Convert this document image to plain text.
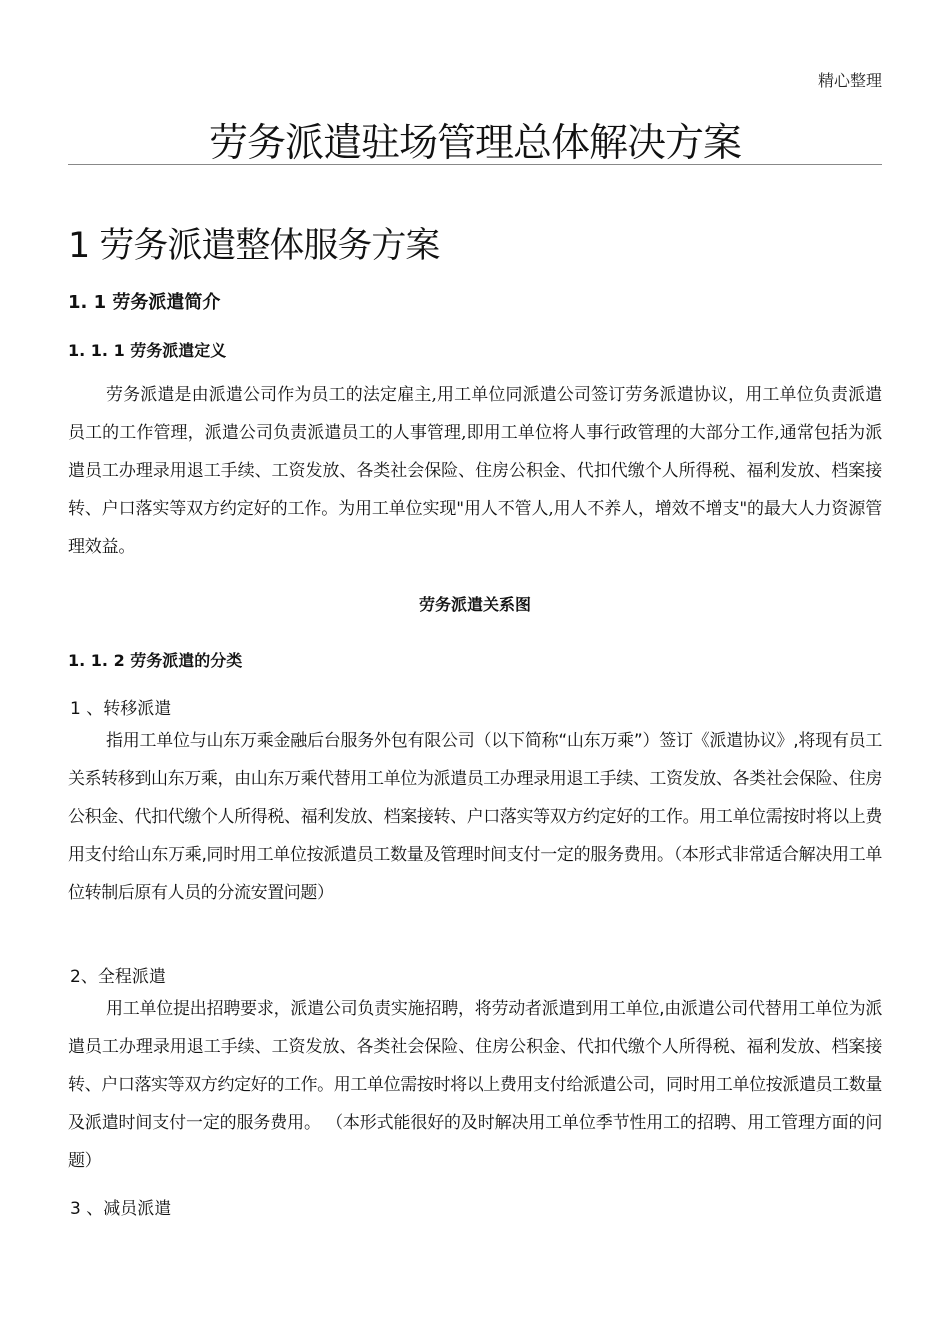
精心整理
劳务派遣驻场管理总体解决方案
1 劳务派遣整体服务方案
1. 1 劳务派遣简介
1. 1. 1 劳务派遣定义

劳务派遣是由派遣公司作为员工的法定雇主,用工单位同派遣公司签订劳务派遣协议，用工单位负责派遣员工的工作管理，派遣公司负责派遣员工的人事管理,即用工单位将人事行政管理的大部分工作,通常包括为派遣员工办理录用退工手续、工资发放、各类社会保险、住房公积金、代扣代缴个人所得税、福利发放、档案接转、户口落实等双方约定好的工作。为用工单位实现"用人不管人,用人不养人，增效不增支"的最大人力资源管理效益。

劳务派遣关系图

1. 1. 2 劳务派遣的分类

1 、转移派遣

指用工单位与山东万乘金融后台服务外包有限公司（以下简称“山东万乘”）签订《派遣协议》,将现有员工关系转移到山东万乘，由山东万乘代替用工单位为派遣员工办理录用退工手续、工资发放、各类社会保险、住房公积金、代扣代缴个人所得税、福利发放、档案接转、户口落实等双方约定好的工作。用工单位需按时将以上费用支付给山东万乘,同时用工单位按派遣员工数量及管理时间支付一定的服务费用。（本形式非常适合解决用工单位转制后原有人员的分流安置问题）

2、全程派遣

用工单位提出招聘要求，派遣公司负责实施招聘，将劳动者派遣到用工单位,由派遣公司代替用工单位为派遣员工办理录用退工手续、工资发放、各类社会保险、住房公积金、代扣代缴个人所得税、福利发放、档案接转、户口落实等双方约定好的工作。用工单位需按时将以上费用支付给派遣公司，同时用工单位按派遣员工数量及派遣时间支付一定的服务费用。 （本形式能很好的及时解决用工单位季节性用工的招聘、用工管理方面的问题）

3 、减员派遣
